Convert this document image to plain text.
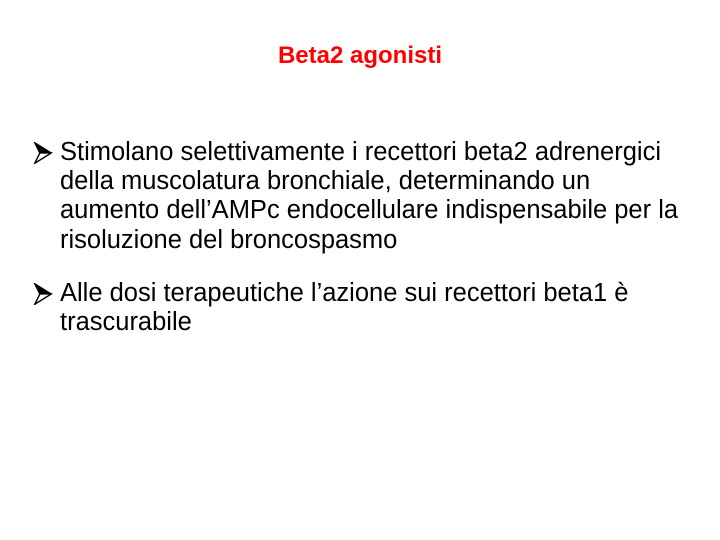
Beta2 agonisti
Stimolano selettivamente i recettori beta2 adrenergici della muscolatura bronchiale, determinando un aumento dell’AMPc endocellulare indispensabile per la risoluzione del broncospasmo
Alle dosi terapeutiche l’azione sui recettori beta1 è trascurabile
